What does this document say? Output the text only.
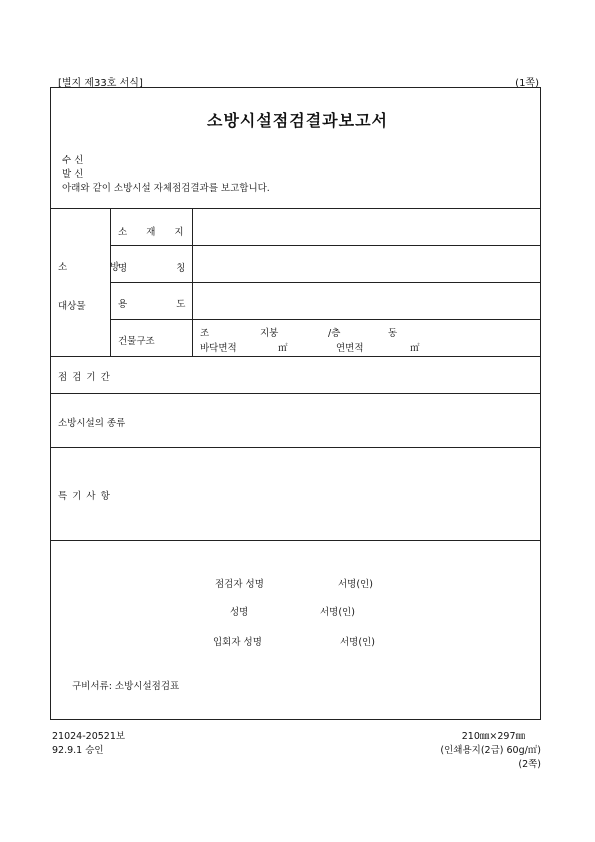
[별지 제33호 서식]	(1쪽)
소방시설점검결과보고서
수 신
발 신
아래와 같이 소방시설 자체점검결과를 보고합니다.
소 방
대상물
소 재 지
명 칭
용 도
건물구조
조	지붕	/층	동
바닥면적	㎡	연면적	㎡
점 검 기 간
소방시설의 종류
특 기 사 항
점검자 성명	서명(인)
성명	서명(인)
입회자 성명	서명(인)
구비서류: 소방시설점검표
21024-20521보
92.9.1 승인
210㎜×297㎜
(인쇄용지(2급) 60g/㎡)
(2쪽)
